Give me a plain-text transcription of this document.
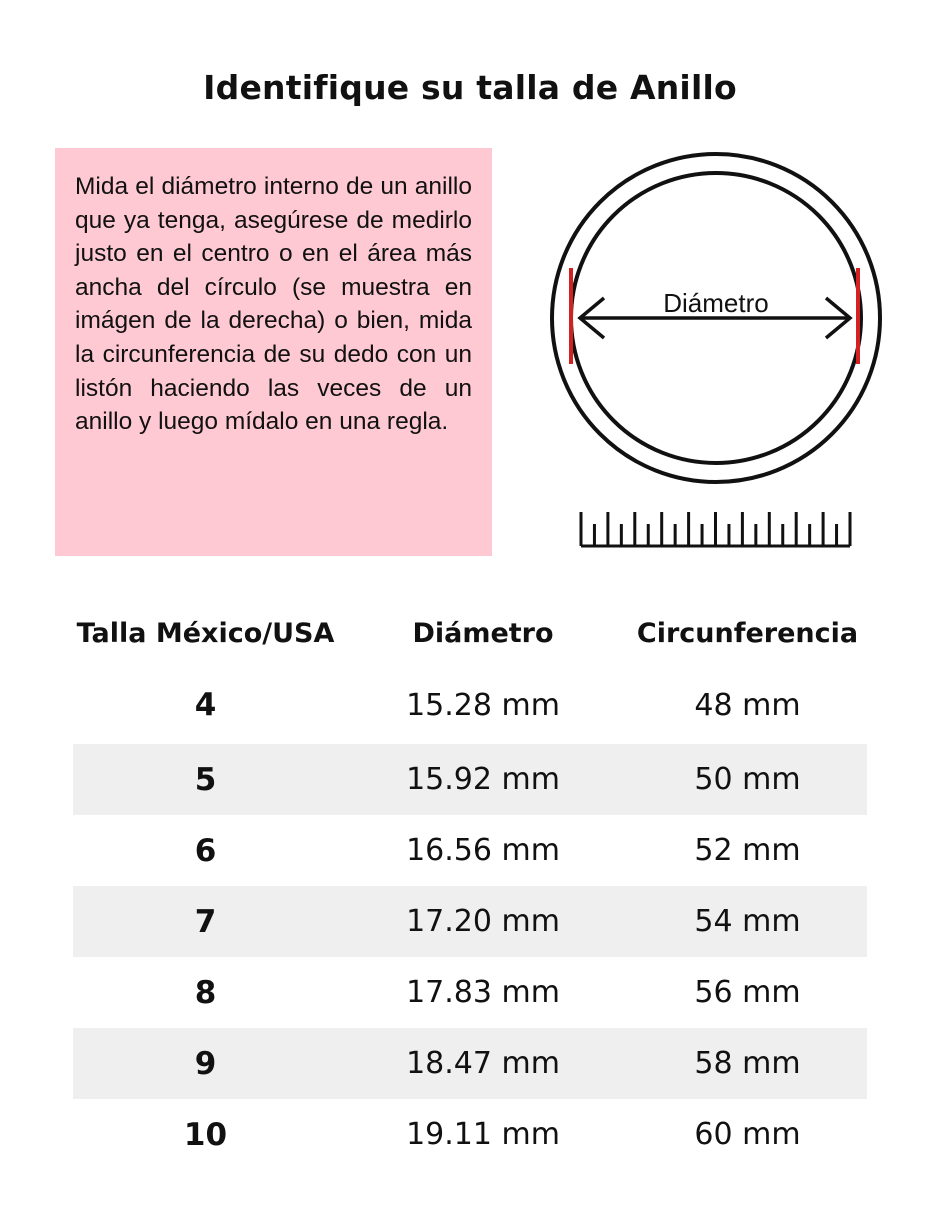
Identifique su talla de Anillo

Mida el diámetro interno de un anillo que ya tenga, asegúrese de medirlo justo en el centro o en el área más ancha del círculo (se muestra en imágen de la derecha) o bien, mida la circunferencia de su dedo con un listón haciendo las veces de un anillo y luego mídalo en una regla.

Diámetro
Talla México/USA	Diámetro	Circunferencia
4	15.28 mm	48 mm
5	15.92 mm	50 mm
6	16.56 mm	52 mm
7	17.20 mm	54 mm
8	17.83 mm	56 mm
9	18.47 mm	58 mm
10	19.11 mm	60 mm
